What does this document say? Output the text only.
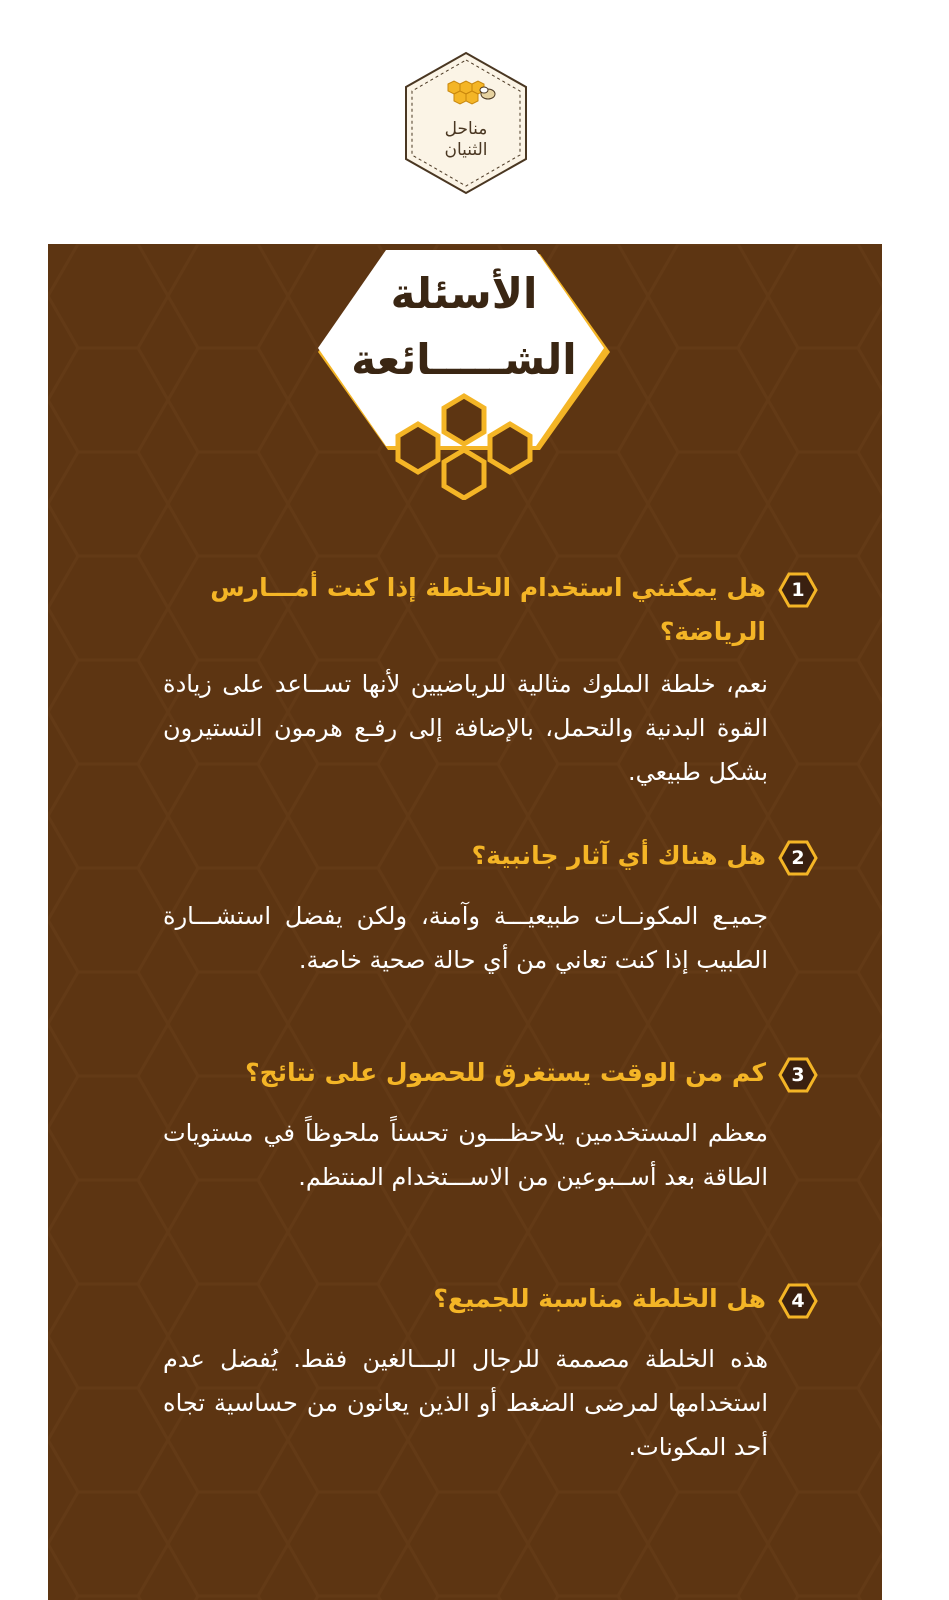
مناحل
الثنيان
الأسئلة
الشـــــائعة
1
هل يمكنني استخدام الخلطة إذا كنت أمـــارس الرياضة؟
نعم، خلطة الملوك مثالية للرياضيين لأنها تســاعد على زيادة القوة البدنية والتحمل، بالإضافة إلى رفـع هرمون التستيرون بشكل طبيعي.
2
هل هناك أي آثار جانبية؟
جميـع المكونــات طبيعيـــة وآمنة، ولكن يفضل استشـــارة الطبيب إذا كنت تعاني من أي حالة صحية خاصة.
3
كم من الوقت يستغرق للحصول على نتائج؟
معظم المستخدمين يلاحظـــون تحسناً ملحوظاً في مستويات الطاقة بعد أســبوعين من الاســـتخدام المنتظم.
4
هل الخلطة مناسبة للجميع؟
هذه الخلطة مصممة للرجال البـــالغين فقط. يُفضل عدم استخدامها لمرضى الضغط أو الذين يعانون من حساسية تجاه أحد المكونات.
